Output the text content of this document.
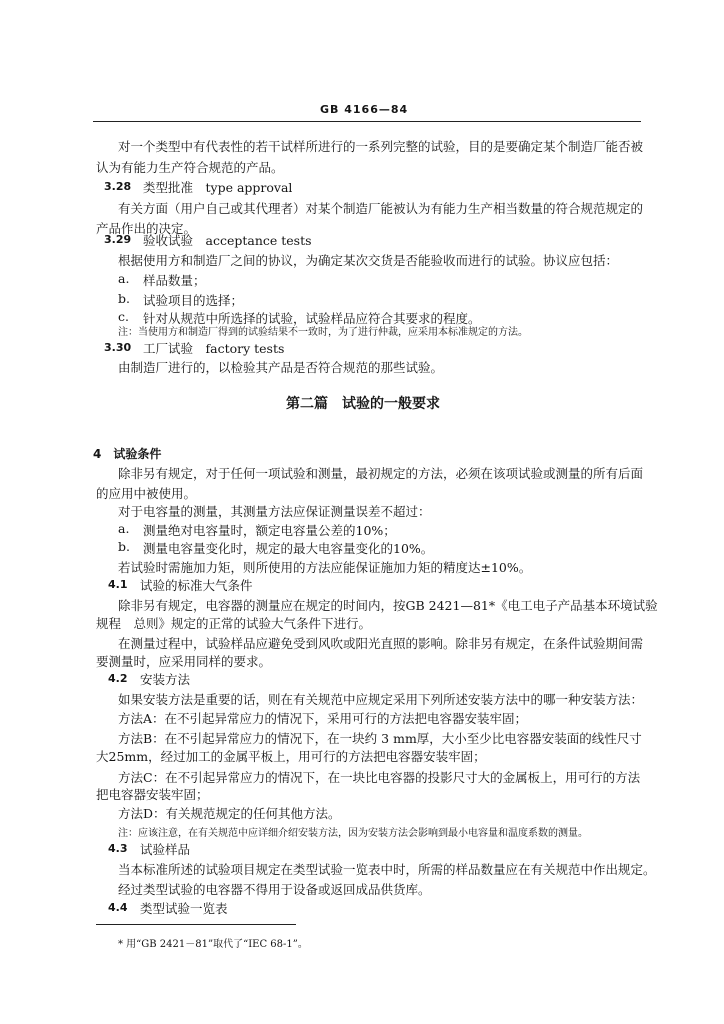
GB 4166—84
对一个类型中有代表性的若干试样所进行的一系列完整的试验，目的是要确定某个制造厂能否被
认为有能力生产符合规范的产品。
3.28 类型批准　type approval
有关方面（用户自己或其代理者）对某个制造厂能被认为有能力生产相当数量的符合规范规定的
产品作出的决定。
3.29 验收试验　acceptance tests
根据使用方和制造厂之间的协议，为确定某次交货是否能验收而进行的试验。协议应包括：
a. 样品数量；
b. 试验项目的选择；
c. 针对从规范中所选择的试验，试验样品应符合其要求的程度。
注：当使用方和制造厂得到的试验结果不一致时，为了进行仲裁，应采用本标准规定的方法。
3.30 工厂试验　factory tests
由制造厂进行的，以检验其产品是否符合规范的那些试验。
第二篇　试验的一般要求
4　试验条件
除非另有规定，对于任何一项试验和测量，最初规定的方法，必须在该项试验或测量的所有后面
的应用中被使用。
对于电容量的测量，其测量方法应保证测量误差不超过：
a. 测量绝对电容量时，额定电容量公差的10%；
b. 测量电容量变化时，规定的最大电容量变化的10%。
若试验时需施加力矩，则所使用的方法应能保证施加力矩的精度达±10%。
4.1 试验的标准大气条件
除非另有规定，电容器的测量应在规定的时间内，按GB 2421—81*《电工电子产品基本环境试验
规程　总则》规定的正常的试验大气条件下进行。
在测量过程中，试验样品应避免受到风吹或阳光直照的影响。除非另有规定，在条件试验期间需
要测量时，应采用同样的要求。
4.2 安装方法
如果安装方法是重要的话，则在有关规范中应规定采用下列所述安装方法中的哪一种安装方法：
方法A：在不引起异常应力的情况下，采用可行的方法把电容器安装牢固；
方法B：在不引起异常应力的情况下，在一块约 3 mm厚，大小至少比电容器安装面的线性尺寸
大25mm，经过加工的金属平板上，用可行的方法把电容器安装牢固；
方法C：在不引起异常应力的情况下，在一块比电容器的投影尺寸大的金属板上，用可行的方法
把电容器安装牢固；
方法D：有关规范规定的任何其他方法。
注：应该注意，在有关规范中应详细介绍安装方法，因为安装方法会影响到最小电容量和温度系数的测量。
4.3 试验样品
当本标准所述的试验项目规定在类型试验一览表中时，所需的样品数量应在有关规范中作出规定。
经过类型试验的电容器不得用于设备或返回成品供货库。
4.4 类型试验一览表
* 用“GB 2421－81”取代了“IEC 68-1”。
